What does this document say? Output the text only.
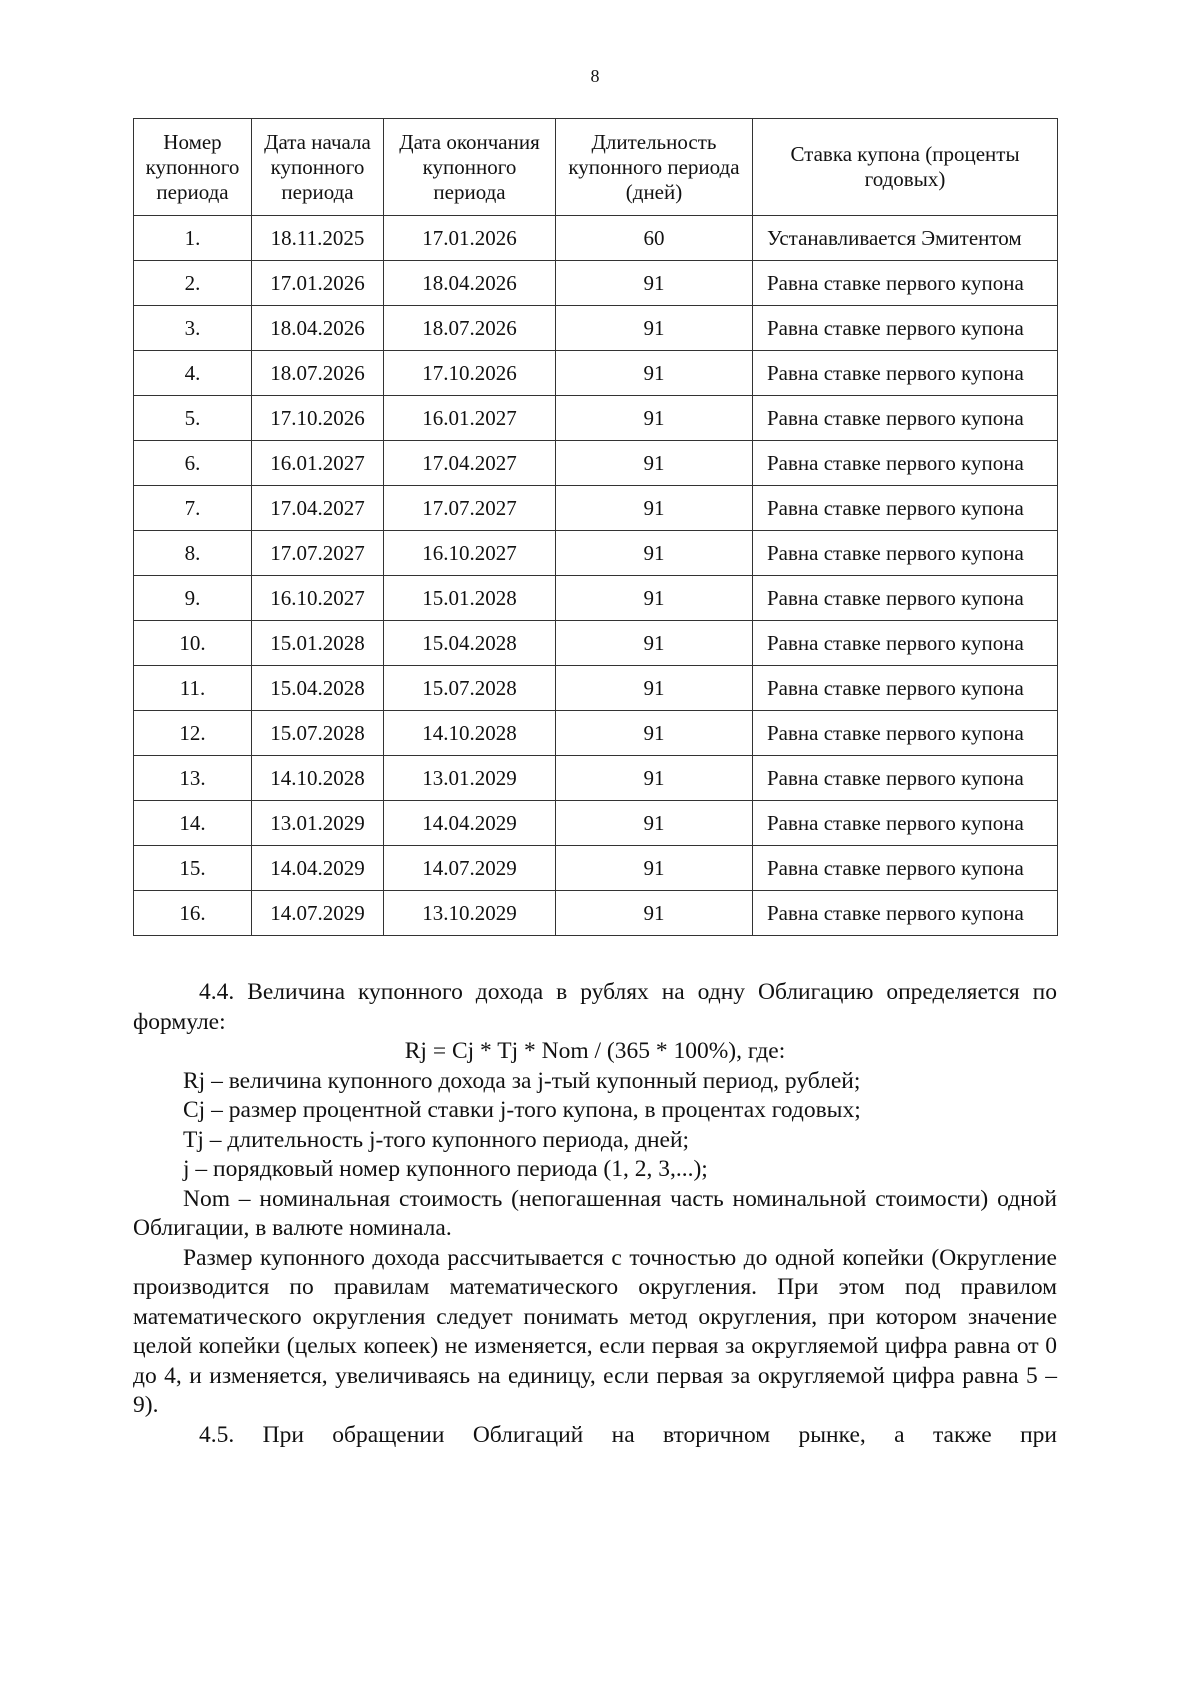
8
Номер купонного периода	Дата начала купонного периода	Дата окончания купонного периода	Длительность купонного периода (дней)	Ставка купона (проценты годовых)
1.	18.11.2025	17.01.2026	60	Устанавливается Эмитентом
2.	17.01.2026	18.04.2026	91	Равна ставке первого купона
3.	18.04.2026	18.07.2026	91	Равна ставке первого купона
4.	18.07.2026	17.10.2026	91	Равна ставке первого купона
5.	17.10.2026	16.01.2027	91	Равна ставке первого купона
6.	16.01.2027	17.04.2027	91	Равна ставке первого купона
7.	17.04.2027	17.07.2027	91	Равна ставке первого купона
8.	17.07.2027	16.10.2027	91	Равна ставке первого купона
9.	16.10.2027	15.01.2028	91	Равна ставке первого купона
10.	15.01.2028	15.04.2028	91	Равна ставке первого купона
11.	15.04.2028	15.07.2028	91	Равна ставке первого купона
12.	15.07.2028	14.10.2028	91	Равна ставке первого купона
13.	14.10.2028	13.01.2029	91	Равна ставке первого купона
14.	13.01.2029	14.04.2029	91	Равна ставке первого купона
15.	14.04.2029	14.07.2029	91	Равна ставке первого купона
16.	14.07.2029	13.10.2029	91	Равна ставке первого купона

4.4. Величина купонного дохода в рублях на одну Облигацию определяется по формуле:

Rj = Cj * Tj * Nom / (365 * 100%), где:

Rj – величина купонного дохода за j-тый купонный период, рублей;

Cj – размер процентной ставки j-того купона, в процентах годовых;

Tj – длительность j-того купонного периода, дней;

j – порядковый номер купонного периода (1, 2, 3,...);

Nom – номинальная стоимость (непогашенная часть номинальной стоимости) одной Облигации, в валюте номинала.

Размер купонного дохода рассчитывается с точностью до одной копейки (Округление производится по правилам математического округления. При этом под правилом математического округления следует понимать метод округления, при котором значение целой копейки (целых копеек) не изменяется, если первая за округляемой цифра равна от 0 до 4, и изменяется, увеличиваясь на единицу, если первая за округляемой цифра равна 5 – 9).

4.5. При обращении Облигаций на вторичном рынке, а также при
